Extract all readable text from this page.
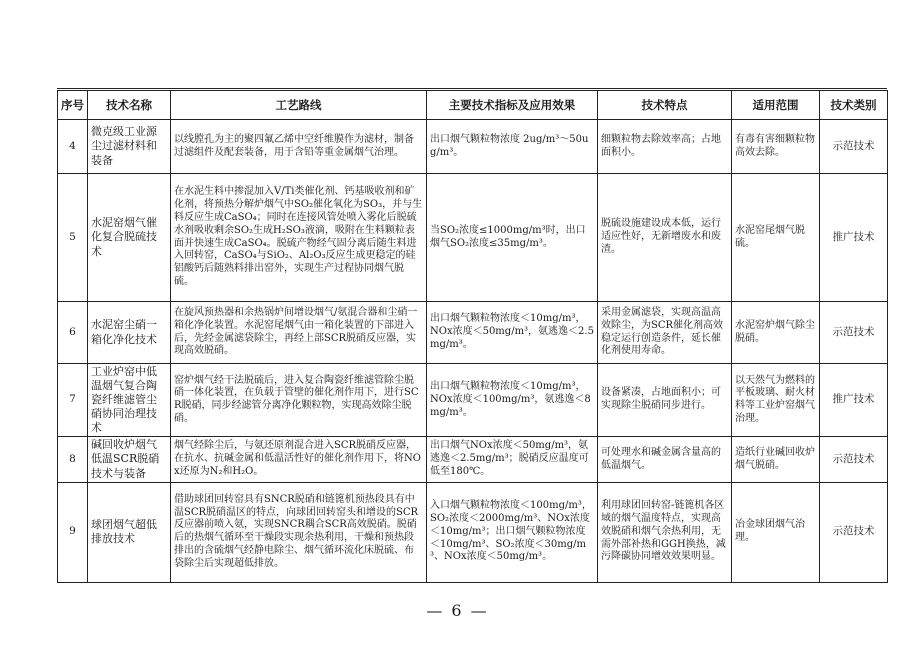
序号	技术名称	工艺路线	主要技术指标及应用效果	技术特点	适用范围	技术类别
4	微克级工业源尘过滤材料和装备	以线膛孔为主的聚四氟乙烯中空纤维膜作为滤材，制备过滤组件及配套装备，用于含铅等重金属烟气治理。	出口烟气颗粒物浓度 2ug/m³～50ug/m³。	细颗粒物去除效率高；占地面积小。	有毒有害细颗粒物高效去除。	示范技术
5	水泥窑烟气催化复合脱硫技术	在水泥生料中掺混加入V/Ti类催化剂、钙基吸收剂和矿化剂，将预热分解炉烟气中SO₂催化氧化为SO₃，并与生料反应生成CaSO₄；同时在连接风管处喷入雾化后脱硫水剂吸收剩余SO₂生成H₂SO₃液滴，吸附在生料颗粒表面并快速生成CaSO₄。脱硫产物经气固分离后随生料进入回转窑，CaSO₄与SiO₂、Al₂O₃反应生成更稳定的硅铝酸钙后随熟料排出窑外，实现生产过程协同烟气脱硫。	当SO₂浓度≤1000mg/m³时，出口烟气SO₂浓度≤35mg/m³。	脱硫设施建设成本低，运行适应性好，无新增废水和废渣。	水泥窑尾烟气脱硫。	推广技术
6	水泥窑尘硝一箱化净化技术	在旋风预热器和余热锅炉间增设烟气/氨混合器和尘硝一箱化净化装置。水泥窑尾烟气由一箱化装置的下部进入后，先经金属滤袋除尘，再经上部SCR脱硝反应器，实现高效脱硝。	出口烟气颗粒物浓度＜10mg/m³，NOx浓度＜50mg/m³，氨逃逸＜2.5mg/m³。	采用金属滤袋，实现高温高效除尘，为SCR催化剂高效稳定运行创造条件，延长催化剂使用寿命。	水泥窑炉烟气除尘脱硝。	示范技术
7	工业炉窑中低温烟气复合陶瓷纤维滤管尘硝协同治理技术	窑炉烟气经干法脱硫后，进入复合陶瓷纤维滤管除尘脱硝一体化装置，在负载于管壁的催化剂作用下，进行SCR脱硝，同步经滤管分离净化颗粒物，实现高效除尘脱硝。	出口烟气颗粒物浓度＜10mg/m³，NOx浓度＜100mg/m³，氨逃逸＜8mg/m³。	设备紧凑，占地面积小；可实现除尘脱硝同步进行。	以天然气为燃料的平板玻璃、耐火材料等工业炉窑烟气治理。	推广技术
8	碱回收炉烟气低温SCR脱硝技术与装备	烟气经除尘后，与氨还原剂混合进入SCR脱硝反应器，在抗水、抗碱金属和低温活性好的催化剂作用下，将NOx还原为N₂和H₂O。	出口烟气NOx浓度＜50mg/m³，氨逃逸＜2.5mg/m³；脱硝反应温度可低至180℃。	可处理水和碱金属含量高的低温烟气。	造纸行业碱回收炉烟气脱硝。	示范技术
9	球团烟气超低排放技术	借助球团回转窑具有SNCR脱硝和链篦机预热段具有中温SCR脱硝温区的特点，向球团回转窑头和增设的SCR反应器前喷入氨，实现SNCR耦合SCR高效脱硝。脱硝后的热烟气循环至干燥段实现余热利用，干燥和预热段排出的含硫烟气经静电除尘、烟气循环流化床脱硫、布袋除尘后实现超低排放。	入口烟气颗粒物浓度＜100mg/m³，SO₂浓度＜2000mg/m³、NOx浓度＜10mg/m³；出口烟气颗粒物浓度＜10mg/m³、SO₂浓度＜30mg/m³、NOx浓度＜50mg/m³。	利用球团回转窑-链篦机各区域的烟气温度特点，实现高效脱硝和烟气余热利用，无需外部补热和GGH换热，减污降碳协同增效效果明显。	冶金球团烟气治理。	示范技术
— 6 —
